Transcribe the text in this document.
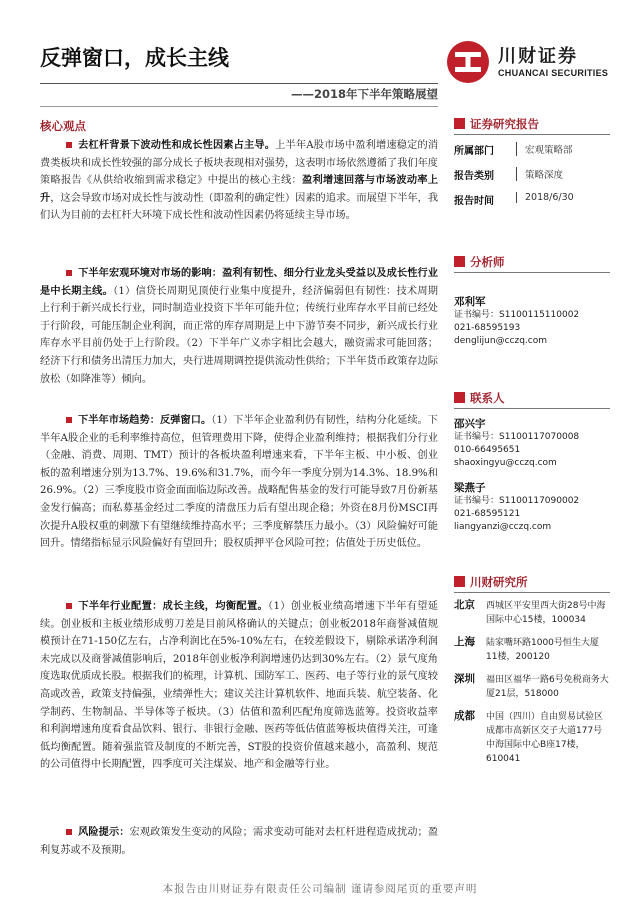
反弹窗口，成长主线	川财证券
CHUANCAI SECURITIES
——2018年下半年策略展望
核心观点
去杠杆背景下波动性和成长性因素占主导。上半年A股市场中盈利增速稳定的消费类板块和成长性较强的部分成长子板块表现相对强势，这表明市场依然遵循了我们年度策略报告《从供给收缩到需求稳定》中提出的核心主线：盈利增速回落与市场波动率上升，这会导致市场对成长性与波动性（即盈利的确定性）因素的追求。而展望下半年，我们认为目前的去杠杆大环境下成长性和波动性因素仍将延续主导市场。
下半年宏观环境对市场的影响：盈利有韧性、细分行业龙头受益以及成长性行业是中长期主线。（1）信贷长周期见顶使行业集中度提升，经济偏弱但有韧性：技术周期上行利于新兴成长行业，同时制造业投资下半年可能升位；传统行业库存水平目前已经处于行阶段，可能压制企业利润，而正常的库存周期是上中下游节奏不同步，新兴成长行业库存水平目前仍处于上行阶段。（2）下半年广义赤字相比会越大，融资需求可能回落；经济下行和债务出清压力加大，央行进周期调控提供流动性供给；下半年货币政策存边际放松（如降准等）倾向。
下半年市场趋势：反弹窗口。（1）下半年企业盈利仍有韧性，结构分化延续。下半年A股企业的毛利率维持高位，但管理费用下降，使得企业盈利维持；根据我们分行业（金融、消费、周期、TMT）预计的各板块盈利增速来看，下半年主板、中小板、创业板的盈利增速分别为13.7%、19.6%和31.7%，而今年一季度分别为14.3%、18.9%和26.9%。（2）三季度股市资金面面临边际改善。战略配售基金的发行可能导致7月份新基金发行偏高；而私募基金经过二季度的清盘压力后有望出现企稳；外资在8月份MSCI再次提升A股权重的刺激下有望继续维持高水平；三季度解禁压力最小。（3）风险偏好可能回升。情绪指标显示风险偏好有望回升；股权质押平仓风险可控；估值处于历史低位。
下半年行业配置：成长主线，均衡配置。（1）创业板业绩高增速下半年有望延续。创业板和主板业绩形成剪刀差是目前风格确认的关键点；创业板2018年商誉减值规模预计在71-150亿左右，占净利润比在5%-10%左右，在较差假设下，剔除承诺净利润未完成以及商誉减值影响后，2018年创业板净利润增速仍达到30%左右。（2）景气度角度选取优质成长股。根据我们的梳理，计算机、国防军工、医药、电子等行业的景气度较高或改善，政策支持偏强，业绩弹性大；建议关注计算机软件、地面兵装、航空装备、化学制药、生物制品、半导体等子板块。（3）估值和盈利匹配角度筛选蓝筹。投资收益率和利润增速角度看食品饮料、银行、非银行金融、医药等低估值蓝筹板块值得关注，可逢低均衡配置。随着强监管及制度的不断完善，ST股的投资价值越来越小，高盈利、规范的公司值得中长期配置，四季度可关注煤炭、地产和金融等行业。
风险提示：宏观政策发生变动的风险；需求变动可能对去杠杆进程造成扰动；盈利复苏或不及预期。
证券研究报告
所属部门	宏观策略部
报告类别	策略深度
报告时间	2018/6/30
分析师
邓利军
证书编号：S1100115110002
021-68595193
denglijun@cczq.com
联系人
邵兴宇
证书编号：S1100117070008
010-66495651
shaoxingyu@cczq.com
梁燕子
证书编号：S1100117090002
021-68595121
liangyanzi@cczq.com
川财研究所
北京 西城区平安里西大街28号中海国际中心15楼，100034
上海 陆家嘴环路1000号恒生大厦11楼，200120
深圳 福田区福华一路6号免税商务大厦21层，518000
成都 中国（四川）自由贸易试验区成都市高新区交子大道177号中海国际中心B座17楼，610041
本报告由川财证券有限责任公司编制 谨请参阅尾页的重要声明
